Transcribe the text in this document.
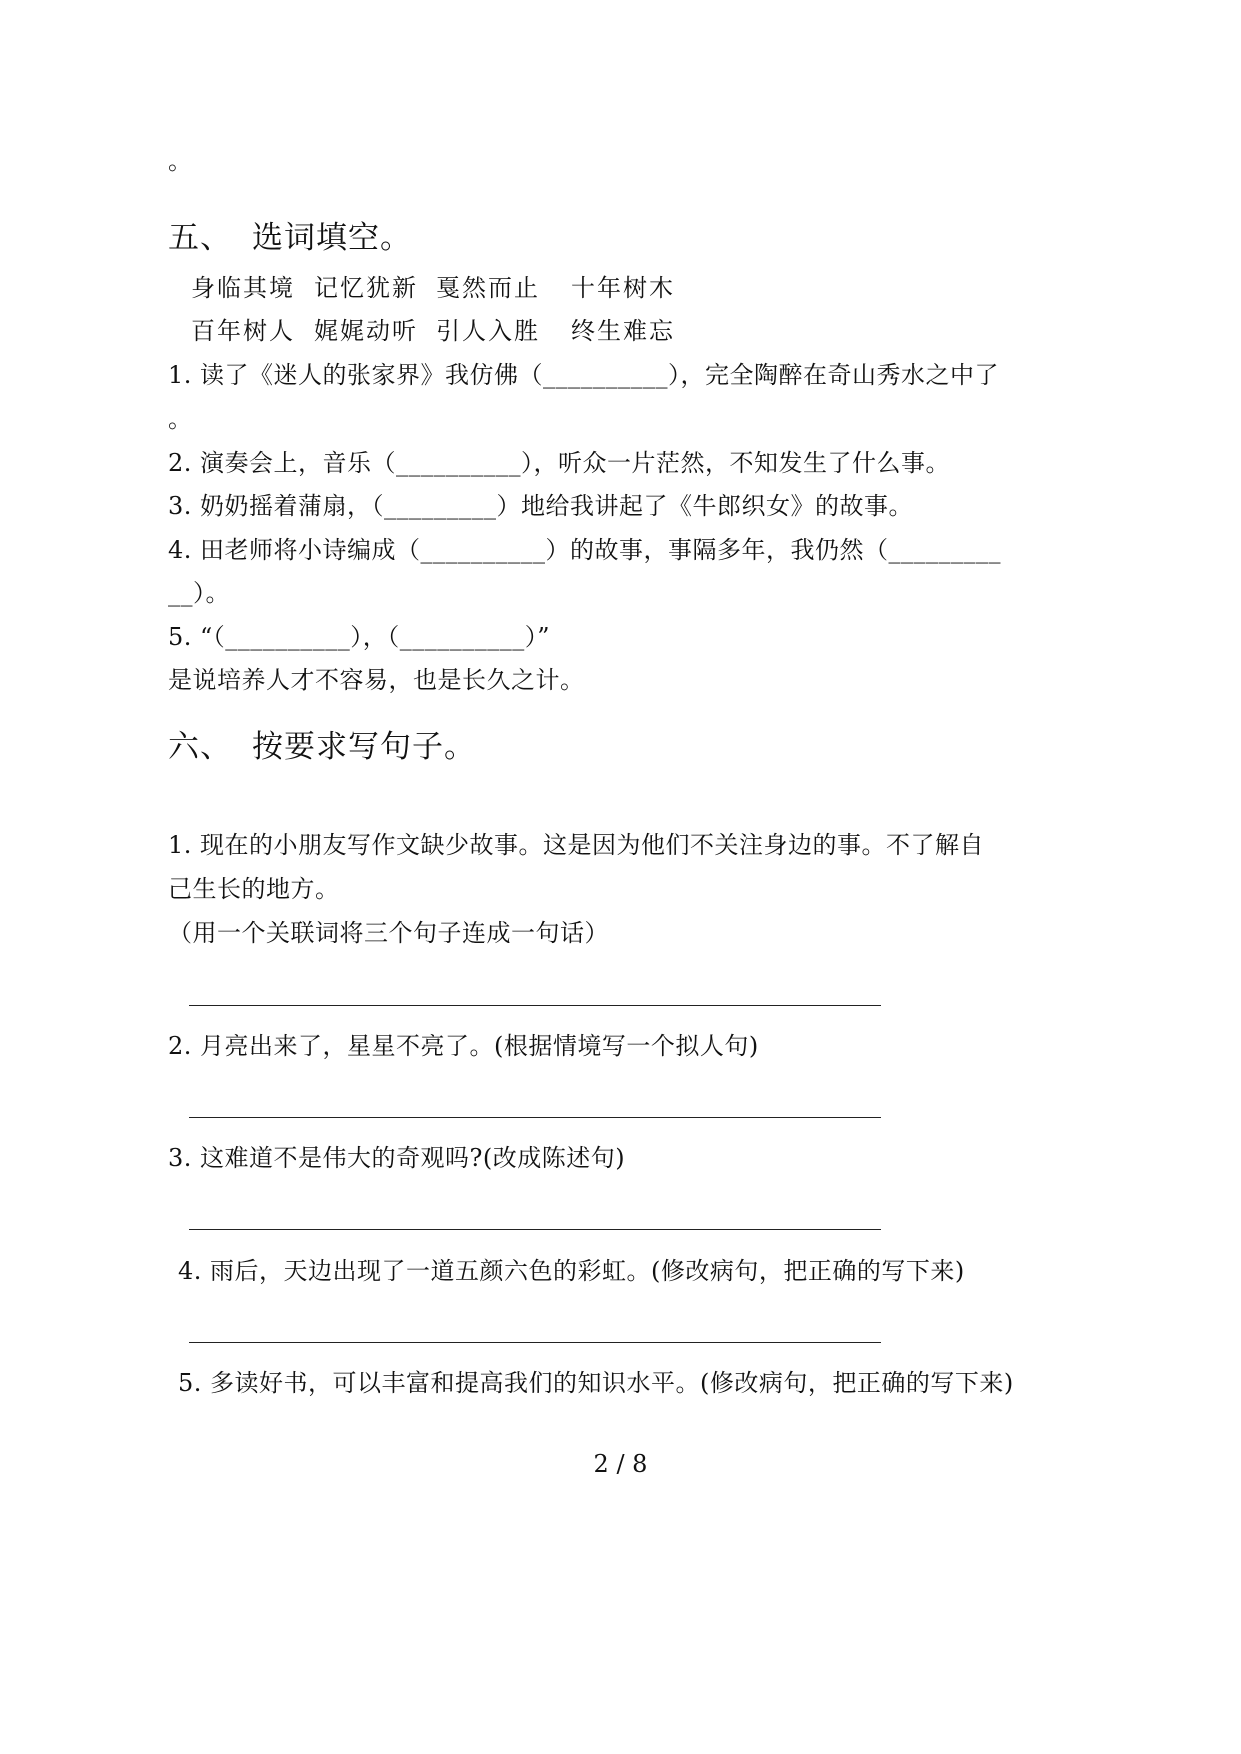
。
五、 选词填空。
身临其境 记忆犹新 戛然而止 十年树木
百年树人 娓娓动听 引人入胜 终生难忘
1. 读了《迷人的张家界》我仿佛（__________），完全陶醉在奇山秀水之中了
。
2. 演奏会上，音乐（__________），听众一片茫然，不知发生了什么事。
3. 奶奶摇着蒲扇，（_________）地给我讲起了《牛郎织女》的故事。
4. 田老师将小诗编成（__________）的故事，事隔多年，我仍然（_________
__）。
5. “（__________），（__________）”
是说培养人才不容易，也是长久之计。
六、 按要求写句子。
1. 现在的小朋友写作文缺少故事。这是因为他们不关注身边的事。不了解自
己生长的地方。
（用一个关联词将三个句子连成一句话）
2. 月亮出来了，星星不亮了。(根据情境写一个拟人句)
3. 这难道不是伟大的奇观吗?(改成陈述句)
4. 雨后，天边出现了一道五颜六色的彩虹。(修改病句，把正确的写下来)
5. 多读好书，可以丰富和提高我们的知识水平。(修改病句，把正确的写下来)
2 / 8
